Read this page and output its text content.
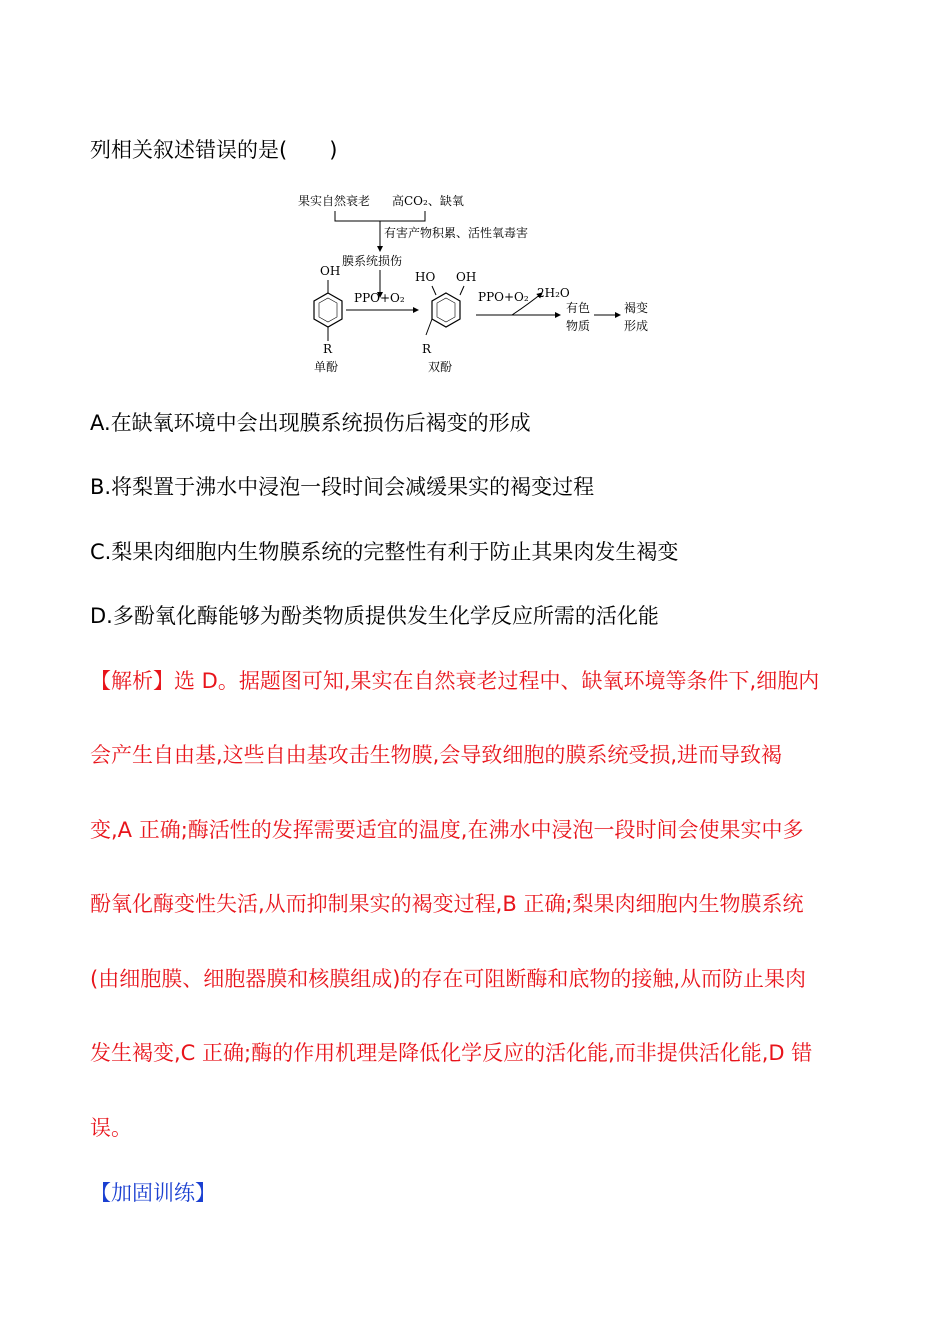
列相关叙述错误的是(　　)
果实自然衰老 高CO₂、缺氧
有害产物积累、活性氧毒害
膜系统损伤
OH
R
单酚
PPO+O₂
HO OH
R
双酚
PPO+O₂ 2H₂O
有色
物质
褐变
形成
A.在缺氧环境中会出现膜系统损伤后褐变的形成
B.将梨置于沸水中浸泡一段时间会减缓果实的褐变过程
C.梨果肉细胞内生物膜系统的完整性有利于防止其果肉发生褐变
D.多酚氧化酶能够为酚类物质提供发生化学反应所需的活化能
【解析】选 D。据题图可知,果实在自然衰老过程中、缺氧环境等条件下,细胞内
会产生自由基,这些自由基攻击生物膜,会导致细胞的膜系统受损,进而导致褐
变,A 正确;酶活性的发挥需要适宜的温度,在沸水中浸泡一段时间会使果实中多
酚氧化酶变性失活,从而抑制果实的褐变过程,B 正确;梨果肉细胞内生物膜系统
(由细胞膜、细胞器膜和核膜组成)的存在可阻断酶和底物的接触,从而防止果肉
发生褐变,C 正确;酶的作用机理是降低化学反应的活化能,而非提供活化能,D 错
误。
【加固训练】
